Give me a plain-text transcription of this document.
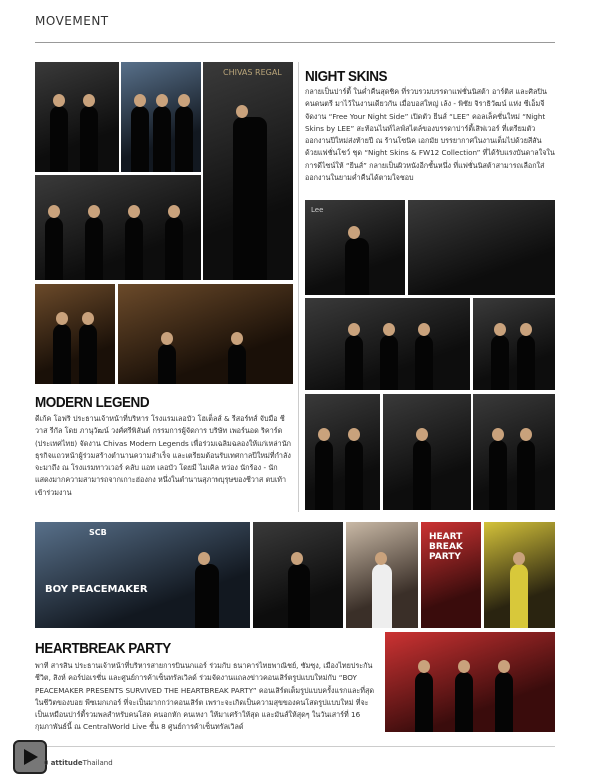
MOVEMENT
CHIVAS REGAL
MODERN LEGEND
ดีเก้ค โอฟริ ประธานเจ้าหน้าที่บริหาร โรงแรมเลอบัว โฮเต็ลส์ & รีสอร์ทส์ จับมือ ชีวาส รีกัล โดย ภานุวัฒน์ วงศ์ศรีพิลันต์ กรรมการผู้จัดการ บริษัท เพอร์นอด ริคาร์ด (ประเทศไทย) จัดงาน Chivas Modern Legends เพื่อร่วมเฉลิมฉลองให้แก่เหล่านักธุรกิจแถวหน้าผู้ร่วมสร้างตำนานความสำเร็จ และเตรียมต้อนรับเทศกาลปีใหม่ที่กำลังจะมาถึง ณ โรงแรมทาวเวอร์ คลับ แอท เลอบัว โดยมี ไมเคิล หว่อง นักร้อง - นักแสดงมากความสามารถจากเกาะฮ่องกง หนึ่งในตำนานสุภาพบุรุษของชีวาส ตบเท้าเข้าร่วมงาน
NIGHT SKINS
กลายเป็นปาร์ตี้ ในค่ำคืนสุดชิค ที่รวบรวมบรรดาแฟชั่นนิสต้า อาร์ติส และศิลปินคนดนตรี มาไว้ในงานเดียวกัน เมื่อบอสใหญ่ เล้ง - พิชัย จิราธิวัฒน์ แห่ง ซีเอ็มจี จัดงาน “Free Your Night Side” เปิดตัว ยีนส์ “LEE” คอลเล็คชั่นใหม่ “Night Skins by LEE” สะท้อนไนท์ไลฟ์สไตล์ของบรรดาปาร์ตี้เสิฟเวอร์ ที่เตรียมตัวออกงานปีใหม่ส่งท้ายปี ณ ร้านโซนิค เอกมัย บรรยากาศในงานเต็มไปด้วยสีสัน ด้วยแฟชั่นโชว์ ชุด “Night Skins & FW12 Collection” ที่ได้รับแรงบันดาลใจในการดีไซน์ให้ “ยีนส์” กลายเป็นผิวหนังอีกชั้นหนึ่ง ที่แฟชั่นนิสต้าสามารถเลือกใส่ออกงานในยามค่ำคืนได้ตามใจชอบ
Lee
SCB
BOY PEACEMAKER
HEART BREAK PARTY
HEARTBREAK PARTY
พาที สารสิน ประธานเจ้าหน้าที่บริหารสายการบินนกแอร์ ร่วมกับ ธนาคารไทยพาณิชย์, ซัมซุง, เมืองไทยประกันชีวิต, สิงห์ คอร์ปอเรชั่น และศูนย์การค้าเซ็นทรัลเวิลด์ ร่วมจัดงานแถลงข่าวคอนเสิร์ตรูปแบบใหม่กับ “BOY PEACEMAKER PRESENTS SURVIVED THE HEARTBREAK PARTY” คอนเสิร์ตเต็มรูปแบบครั้งแรกและที่สุดในชีวิตของบอย พีซเมกเกอร์ ที่จะเป็นมากกว่าคอนเสิร์ต เพราะจะเกิดเป็นความสุขของคนโสดรูปแบบใหม่ ที่จะเป็นเหมือนปาร์ตี้รวมพลสำหรับคนโสด คนอกหัก คนเหงา ให้มาเศร้าให้สุด และมันส์ให้สุดๆ ในวันเสาร์ที่ 16 กุมภาพันธ์นี้ ณ CentralWorld Live ชั้น 8 ศูนย์การค้าเซ็นทรัลเวิลด์
0 attitudeThailand
